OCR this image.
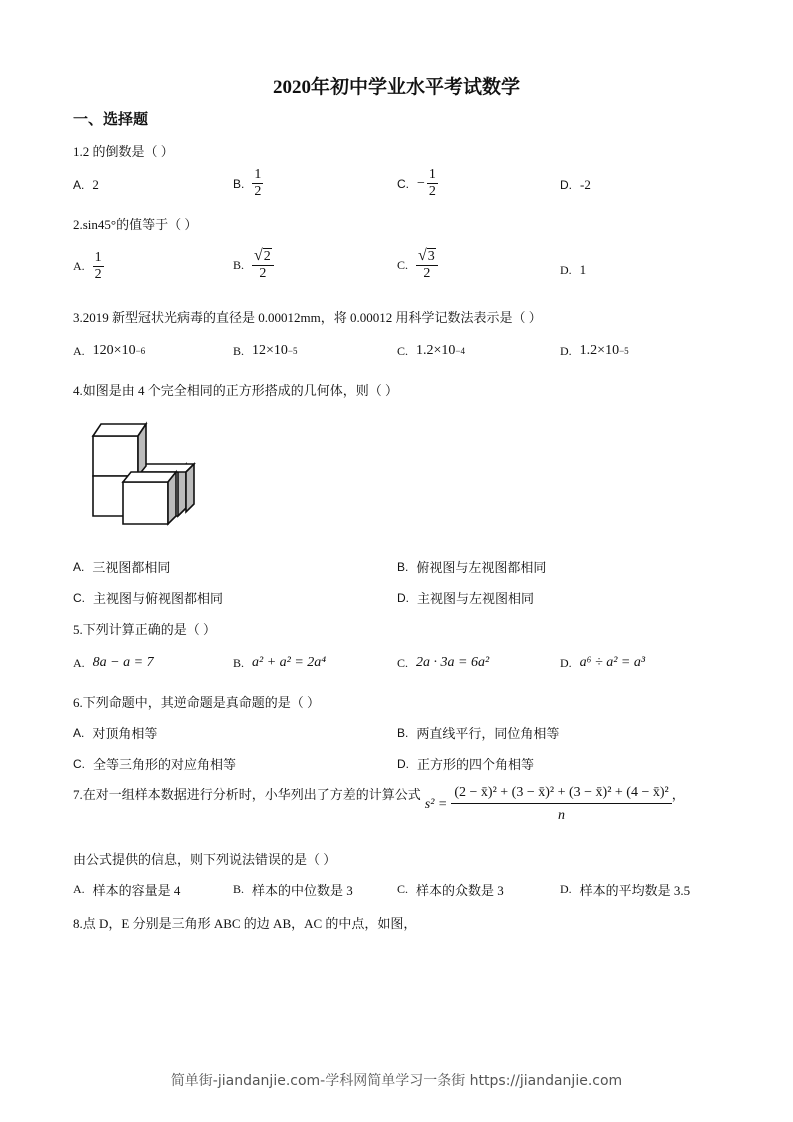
2020年初中学业水平考试数学
一、选择题
1.2 的倒数是（ ）
A. 2	B. $\frac{1}{2}$	C. − $\frac{1}{2}$	D. -2
2.sin45°的值等于（ ）
A. $\frac{1}{2}$	B. $\frac{√ 2}{2}$	C. $\frac{√ 3}{2}$	D. 1
3.2019 新型冠状光病毒的直径是 0.00012mm，将 0.00012 用科学记数法表示是（ ）
A. 120×10 −6	B. 12×10 −5	C. 1.2×10 −4	D. 1.2×10 −5
4.如图是由 4 个完全相同的正方形搭成的几何体，则（ ）
A. 三视图都相同	B. 俯视图与左视图都相同
C. 主视图与俯视图都相同	D. 主视图与左视图相同
5.下列计算正确的是（ ）
A. 8a − a = 7	B. a² + a² = 2a⁴	C. 2a · 3a = 6a²	D. a⁶ ÷ a² = a³
6.下列命题中，其逆命题是真命题的是（ ）
A. 对顶角相等	B. 两直线平行，同位角相等
C. 全等三角形的对应角相等	D. 正方形的四个角相等
7.在对一组样本数据进行分析时，小华列出了方差的计算公式
$s^2 = \frac{\text{(2 − x̄)² + (3 − x̄)² + (3 − x̄)² + (4 − x̄)²}}{n}$ ，
由公式提供的信息，则下列说法错误的是（ ）
A. 样本的容量是 4	B. 样本的中位数是 3	C. 样本的众数是 3	D. 样本的平均数是 3.5
8.点 D，E 分别是三角形 ABC 的边 AB，AC 的中点，如图，
简单街-jiandanjie.com-学科网简单学习一条街 https://jiandanjie.com
